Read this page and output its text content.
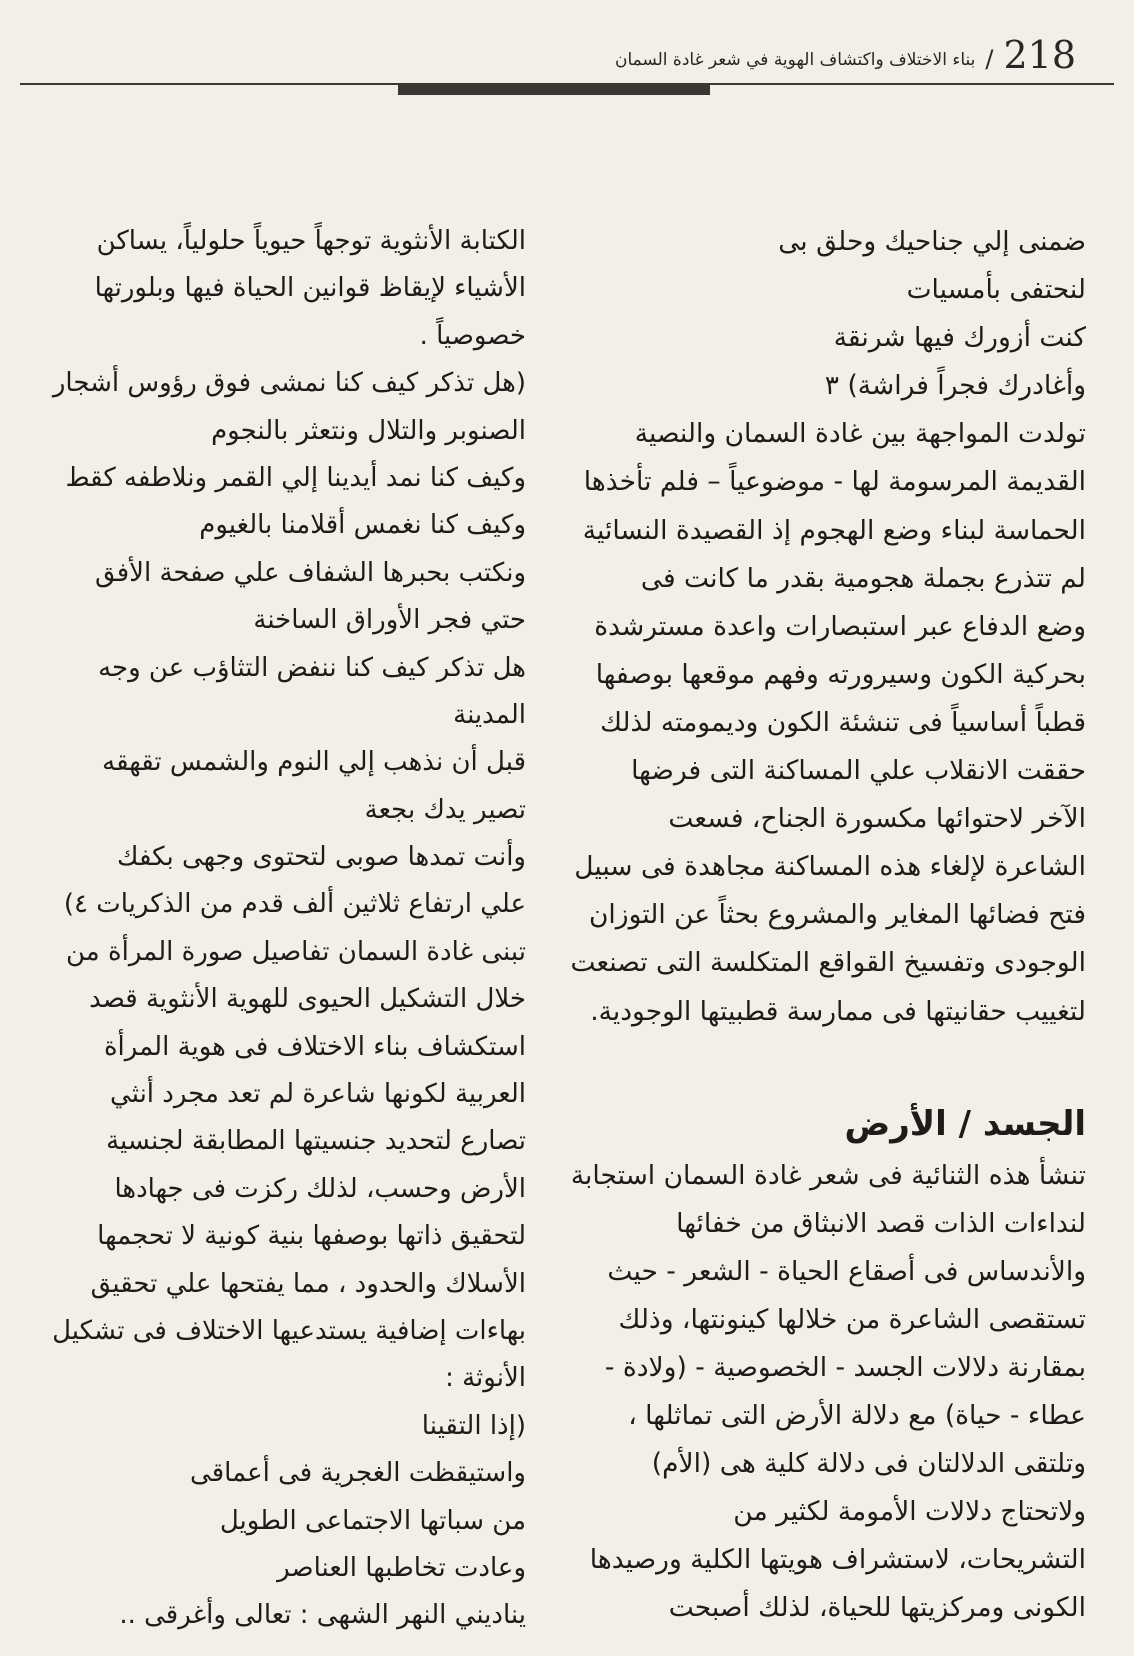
218
/
بناء الاختلاف واكتشاف الهوية في شعر غادة السمان
ضمنى إلي جناحيك وحلق بى
لنحتفى بأمسيات
كنت أزورك فيها شرنقة
وأغادرك فجراً فراشة) ٣
تولدت المواجهة بين غادة السمان والنصية
القديمة المرسومة لها - موضوعياً – فلم تأخذها
الحماسة لبناء وضع الهجوم إذ القصيدة النسائية
لم تتذرع بجملة هجومية بقدر ما كانت فى
وضع الدفاع عبر استبصارات واعدة مسترشدة
بحركية الكون وسيرورته وفهم موقعها بوصفها
قطباً أساسياً فى تنشئة الكون وديمومته لذلك
حققت الانقلاب علي المساكنة التى فرضها
الآخر لاحتوائها مكسورة الجناح، فسعت
الشاعرة لإلغاء هذه المساكنة مجاهدة فى سبيل
فتح فضائها المغاير والمشروع بحثاً عن التوزان
الوجودى وتفسيخ القواقع المتكلسة التى تصنعت
لتغييب حقانيتها فى ممارسة قطبيتها الوجودية.
الجسد / الأرض
تنشأ هذه الثنائية فى شعر غادة السمان استجابة
لنداءات الذات قصد الانبثاق من خفائها
والأندساس فى أصقاع الحياة - الشعر - حيث
تستقصى الشاعرة من خلالها كينونتها، وذلك
بمقارنة دلالات الجسد - الخصوصية - (ولادة -
عطاء - حياة) مع دلالة الأرض التى تماثلها ،
وتلتقى الدلالتان فى دلالة كلية هى (الأم)
ولاتحتاج دلالات الأمومة لكثير من
التشريحات، لاستشراف هويتها الكلية ورصيدها
الكونى ومركزيتها للحياة، لذلك أصبحت
الكتابة الأنثوية توجهاً حيوياً حلولياً، يساكن
الأشياء لإيقاظ قوانين الحياة فيها وبلورتها
خصوصياً .
(هل تذكر كيف كنا نمشى فوق رؤوس أشجار
الصنوبر والتلال ونتعثر بالنجوم
وكيف كنا نمد أيدينا إلي القمر ونلاطفه كقط
وكيف كنا نغمس أقلامنا بالغيوم
ونكتب بحبرها الشفاف علي صفحة الأفق
حتي فجر الأوراق الساخنة
هل تذكر كيف كنا ننفض التثاؤب عن وجه
المدينة
قبل أن نذهب إلي النوم والشمس تقهقه
تصير يدك بجعة
وأنت تمدها صوبى لتحتوى وجهى بكفك
علي ارتفاع ثلاثين ألف قدم من الذكريات ٤)
تبنى غادة السمان تفاصيل صورة المرأة من
خلال التشكيل الحيوى للهوية الأنثوية قصد
استكشاف بناء الاختلاف فى هوية المرأة
العربية لكونها شاعرة لم تعد مجرد أنثي
تصارع لتحديد جنسيتها المطابقة لجنسية
الأرض وحسب، لذلك ركزت فى جهادها
لتحقيق ذاتها بوصفها بنية كونية لا تحجمها
الأسلاك والحدود ، مما يفتحها علي تحقيق
بهاءات إضافية يستدعيها الاختلاف فى تشكيل
الأنوثة :
(إذا التقينا
واستيقظت الغجرية فى أعماقى
من سباتها الاجتماعى الطويل
وعادت تخاطبها العناصر
يناديني النهر الشهى : تعالى وأغرقى ..
